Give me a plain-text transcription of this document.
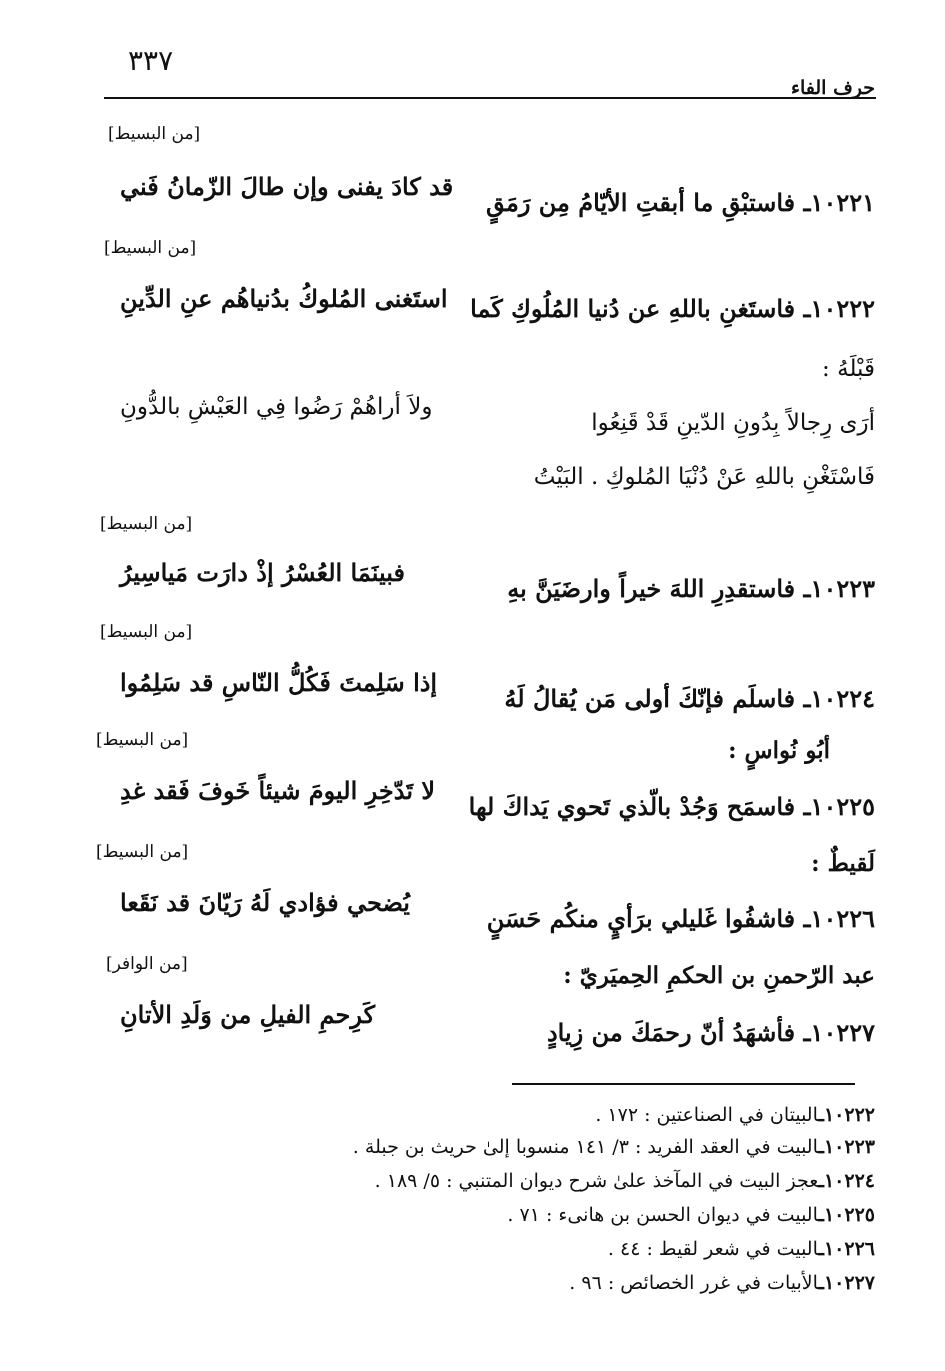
٣٣٧
حرف الفاء
[من البسيط]
١٠٢٢١ـ فاستبْقِ ما أبقتِ الأيّامُ مِن رَمَقٍ
قد كادَ يفنى وإن طالَ الزّمانُ فَني
[من البسيط]
١٠٢٢٢ـ فاستَغنِ باللهِ عن دُنيا المُلُوكِ كَما
استَغنى المُلوكُ بدُنياهُم عنِ الدِّينِ
قَبْلَهُ :
أرَى رِجالاً بِدُونِ الدّينِ قَدْ قَنِعُوا
ولاَ أراهُمْ رَضُوا فِي العَيْشِ بالدُّونِ
فَاسْتَغْنِ باللهِ عَنْ دُنْيَا المُلوكِ . البَيْتُ
[من البسيط]
١٠٢٢٣ـ فاستقدِرِ اللهَ خيراً وارضَيَنَّ بهِ
فبينَمَا العُسْرُ إذْ دارَت مَياسِيرُ
[من البسيط]
١٠٢٢٤ـ فاسلَم فإنّكَ أولى مَن يُقالُ لَهُ
إذا سَلِمتَ فَكُلُّ النّاسِ قد سَلِمُوا
[من البسيط]	أبُو نُواسٍ :
١٠٢٢٥ـ فاسمَح وَجُدْ بالّذي تَحوي يَداكَ لها
لا تَدّخِرِ اليومَ شيئاً خَوفَ فَقد غدِ
[من البسيط]	لَقيطٌ :
١٠٢٢٦ـ فاشفُوا غَليلي برَأيٍ منكُم حَسَنٍ
يُضحي فؤادي لَهُ رَيّانَ قد نَقَعا
[من الوافر]	عبد الرّحمنِ بن الحكمِ الحِميَريّ :
١٠٢٢٧ـ فأشهَدُ أنّ رحمَكَ من زِيادٍ
كَرِحمِ الفيلِ من وَلَدِ الأتانِ
١٠٢٢٢ـالبيتان في الصناعتين : ١٧٢ .
١٠٢٢٣ـالبيت في العقد الفريد : ٣/ ١٤١ منسوبا إلىٰ حريث بن جبلة .
١٠٢٢٤ـعجز البيت في المآخذ علىٰ شرح ديوان المتنبي : ٥/ ١٨٩ .
١٠٢٢٥ـالبيت في ديوان الحسن بن هانىء : ٧١ .
١٠٢٢٦ـالبيت في شعر لقيط : ٤٤ .
١٠٢٢٧ـالأبيات في غرر الخصائص : ٩٦ .
